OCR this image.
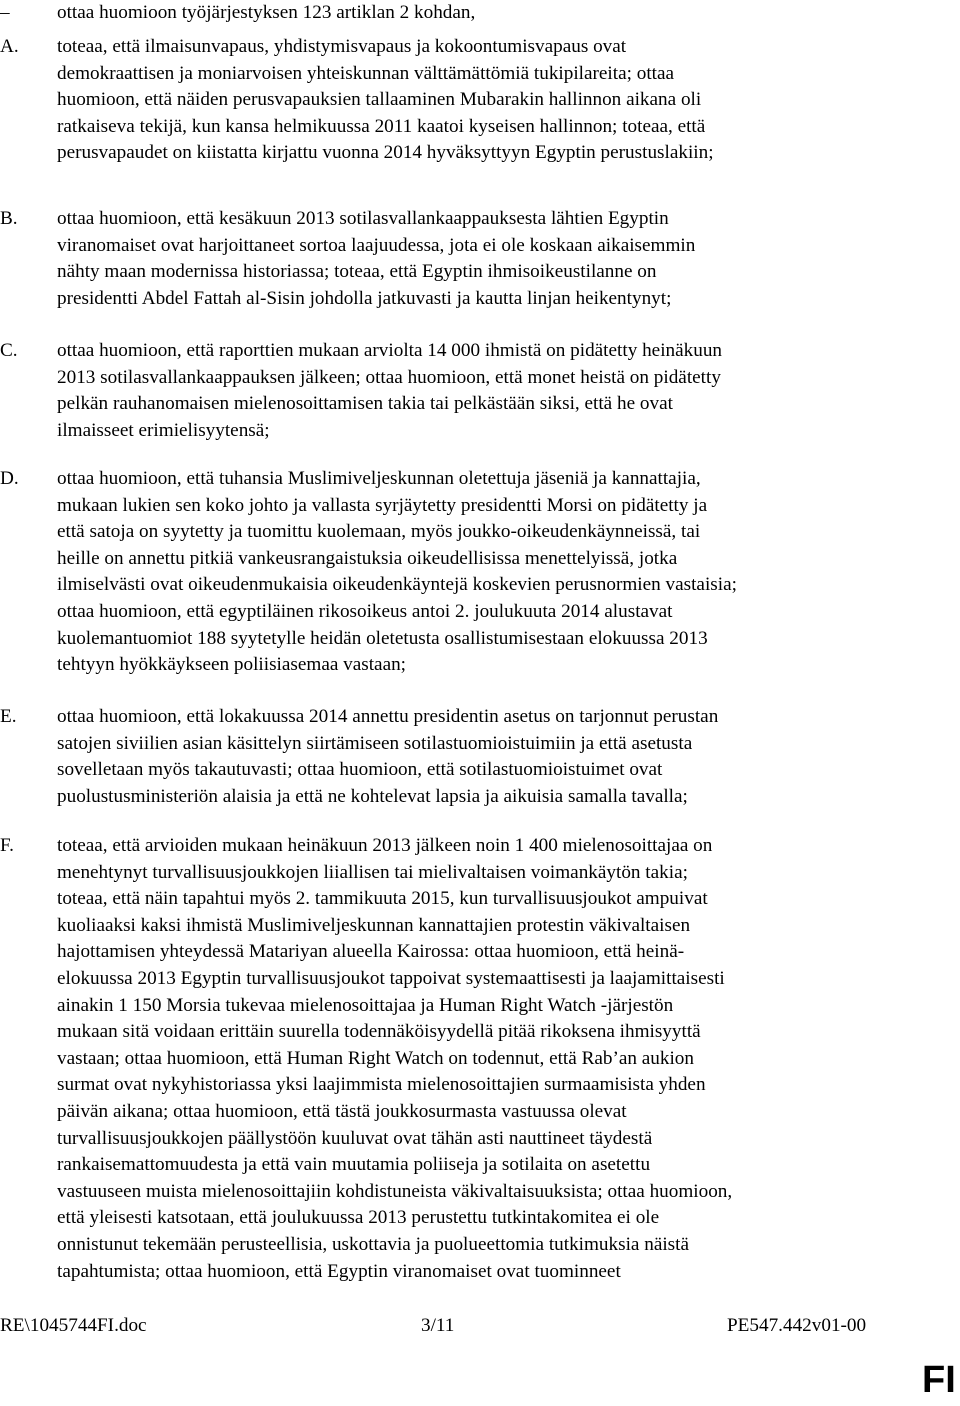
–	ottaa huomioon työjärjestyksen 123 artiklan 2 kohdan,
A.	toteaa, että ilmaisunvapaus, yhdistymisvapaus ja kokoontumisvapaus ovat
demokraattisen ja moniarvoisen yhteiskunnan välttämättömiä tukipilareita; ottaa
huomioon, että näiden perusvapauksien tallaaminen Mubarakin hallinnon aikana oli
ratkaiseva tekijä, kun kansa helmikuussa 2011 kaatoi kyseisen hallinnon; toteaa, että
perusvapaudet on kiistatta kirjattu vuonna 2014 hyväksyttyyn Egyptin perustuslakiin;
B.	ottaa huomioon, että kesäkuun 2013 sotilasvallankaappauksesta lähtien Egyptin
viranomaiset ovat harjoittaneet sortoa laajuudessa, jota ei ole koskaan aikaisemmin
nähty maan modernissa historiassa; toteaa, että Egyptin ihmisoikeustilanne on
presidentti Abdel Fattah al-Sisin johdolla jatkuvasti ja kautta linjan heikentynyt;
C.	ottaa huomioon, että raporttien mukaan arviolta 14 000 ihmistä on pidätetty heinäkuun
2013 sotilasvallankaappauksen jälkeen; ottaa huomioon, että monet heistä on pidätetty
pelkän rauhanomaisen mielenosoittamisen takia tai pelkästään siksi, että he ovat
ilmaisseet erimielisyytensä;
D.	ottaa huomioon, että tuhansia Muslimiveljeskunnan oletettuja jäseniä ja kannattajia,
mukaan lukien sen koko johto ja vallasta syrjäytetty presidentti Morsi on pidätetty ja
että satoja on syytetty ja tuomittu kuolemaan, myös joukko-oikeudenkäynneissä, tai
heille on annettu pitkiä vankeusrangaistuksia oikeudellisissa menettelyissä, jotka
ilmiselvästi ovat oikeudenmukaisia oikeudenkäyntejä koskevien perusnormien vastaisia;
ottaa huomioon, että egyptiläinen rikosoikeus antoi 2. joulukuuta 2014 alustavat
kuolemantuomiot 188 syytetylle heidän oletetusta osallistumisestaan elokuussa 2013
tehtyyn hyökkäykseen poliisiasemaa vastaan;
E.	ottaa huomioon, että lokakuussa 2014 annettu presidentin asetus on tarjonnut perustan
satojen siviilien asian käsittelyn siirtämiseen sotilastuomioistuimiin ja että asetusta
sovelletaan myös takautuvasti; ottaa huomioon, että sotilastuomioistuimet ovat
puolustusministeriön alaisia ja että ne kohtelevat lapsia ja aikuisia samalla tavalla;
F.	toteaa, että arvioiden mukaan heinäkuun 2013 jälkeen noin 1 400 mielenosoittajaa on
menehtynyt turvallisuusjoukkojen liiallisen tai mielivaltaisen voimankäytön takia;
toteaa, että näin tapahtui myös 2. tammikuuta 2015, kun turvallisuusjoukot ampuivat
kuoliaaksi kaksi ihmistä Muslimiveljeskunnan kannattajien protestin väkivaltaisen
hajottamisen yhteydessä Matariyan alueella Kairossa: ottaa huomioon, että heinä-
elokuussa 2013 Egyptin turvallisuusjoukot tappoivat systemaattisesti ja laajamittaisesti
ainakin 1 150 Morsia tukevaa mielenosoittajaa ja Human Right Watch -järjestön
mukaan sitä voidaan erittäin suurella todennäköisyydellä pitää rikoksena ihmisyyttä
vastaan; ottaa huomioon, että Human Right Watch on todennut, että Rab’an aukion
surmat ovat nykyhistoriassa yksi laajimmista mielenosoittajien surmaamisista yhden
päivän aikana; ottaa huomioon, että tästä joukkosurmasta vastuussa olevat
turvallisuusjoukkojen päällystöön kuuluvat ovat tähän asti nauttineet täydestä
rankaisemattomuudesta ja että vain muutamia poliiseja ja sotilaita on asetettu
vastuuseen muista mielenosoittajiin kohdistuneista väkivaltaisuuksista; ottaa huomioon,
että yleisesti katsotaan, että joulukuussa 2013 perustettu tutkintakomitea ei ole
onnistunut tekemään perusteellisia, uskottavia ja puolueettomia tutkimuksia näistä
tapahtumista; ottaa huomioon, että Egyptin viranomaiset ovat tuominneet
RE\1045744FI.doc	3/11	PE547.442v01-00
FI
